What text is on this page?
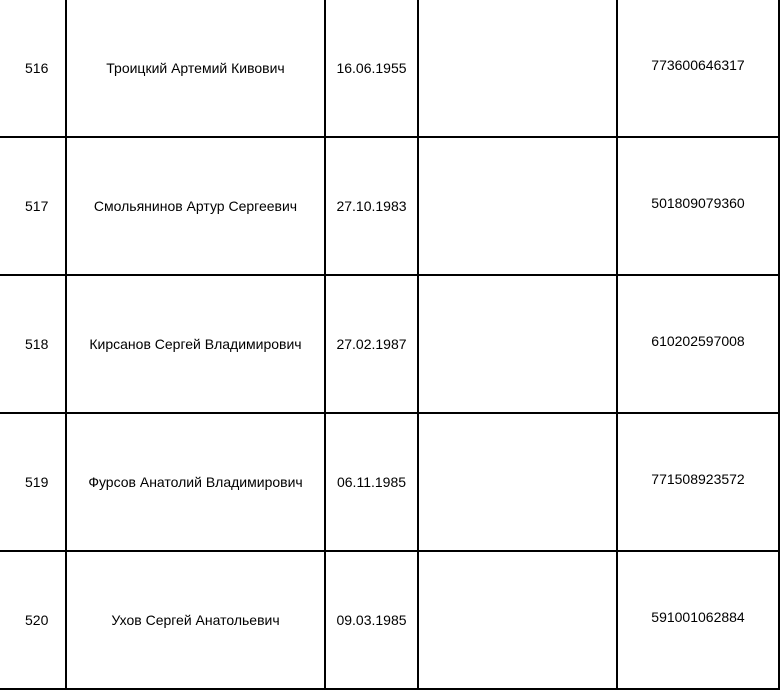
516	Троицкий Артемий Кивович	16.06.1955		773600646317
517	Смольянинов Артур Сергеевич	27.10.1983		501809079360
518	Кирсанов Сергей Владимирович	27.02.1987		610202597008
519	Фурсов Анатолий Владимирович	06.11.1985		771508923572
520	Ухов Сергей Анатольевич	09.03.1985		591001062884
